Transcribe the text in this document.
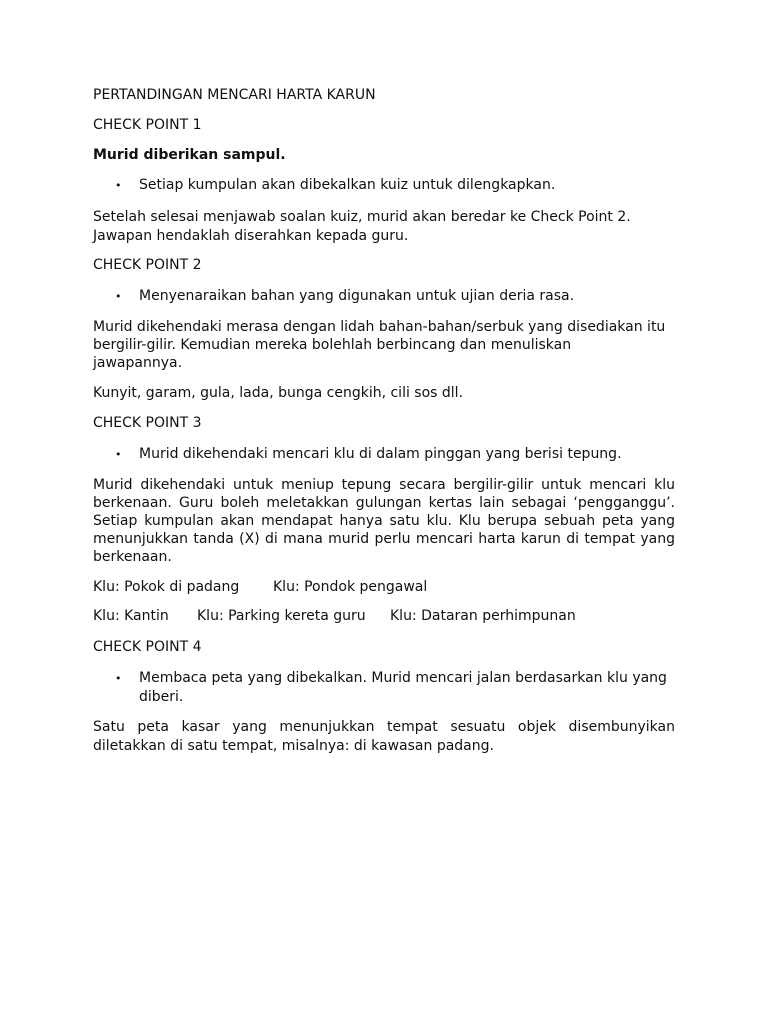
PERTANDINGAN MENCARI HARTA KARUN
CHECK POINT 1
Murid diberikan sampul.
• Setiap kumpulan akan dibekalkan kuiz untuk dilengkapkan.
Setelah selesai menjawab soalan kuiz, murid akan beredar ke Check Point 2.
Jawapan hendaklah diserahkan kepada guru.
CHECK POINT 2
• Menyenaraikan bahan yang digunakan untuk ujian deria rasa.
Murid dikehendaki merasa dengan lidah bahan-bahan/serbuk yang disediakan itu
bergilir-gilir. Kemudian mereka bolehlah berbincang dan menuliskan
jawapannya.
Kunyit, garam, gula, lada, bunga cengkih, cili sos dll.
CHECK POINT 3
• Murid dikehendaki mencari klu di dalam pinggan yang berisi tepung.
Murid dikehendaki untuk meniup tepung secara bergilir-gilir untuk mencari klu
berkenaan. Guru boleh meletakkan gulungan kertas lain sebagai ‘pengganggu’.
Setiap kumpulan akan mendapat hanya satu klu. Klu berupa sebuah peta yang
menunjukkan tanda (X) di mana murid perlu mencari harta karun di tempat yang
berkenaan.
Klu: Pokok di padang Klu: Pondok pengawal
Klu: Kantin Klu: Parking kereta guru Klu: Dataran perhimpunan
CHECK POINT 4
• Membaca peta yang dibekalkan. Murid mencari jalan berdasarkan klu yang
diberi.
Satu peta kasar yang menunjukkan tempat sesuatu objek disembunyikan
diletakkan di satu tempat, misalnya: di kawasan padang.
